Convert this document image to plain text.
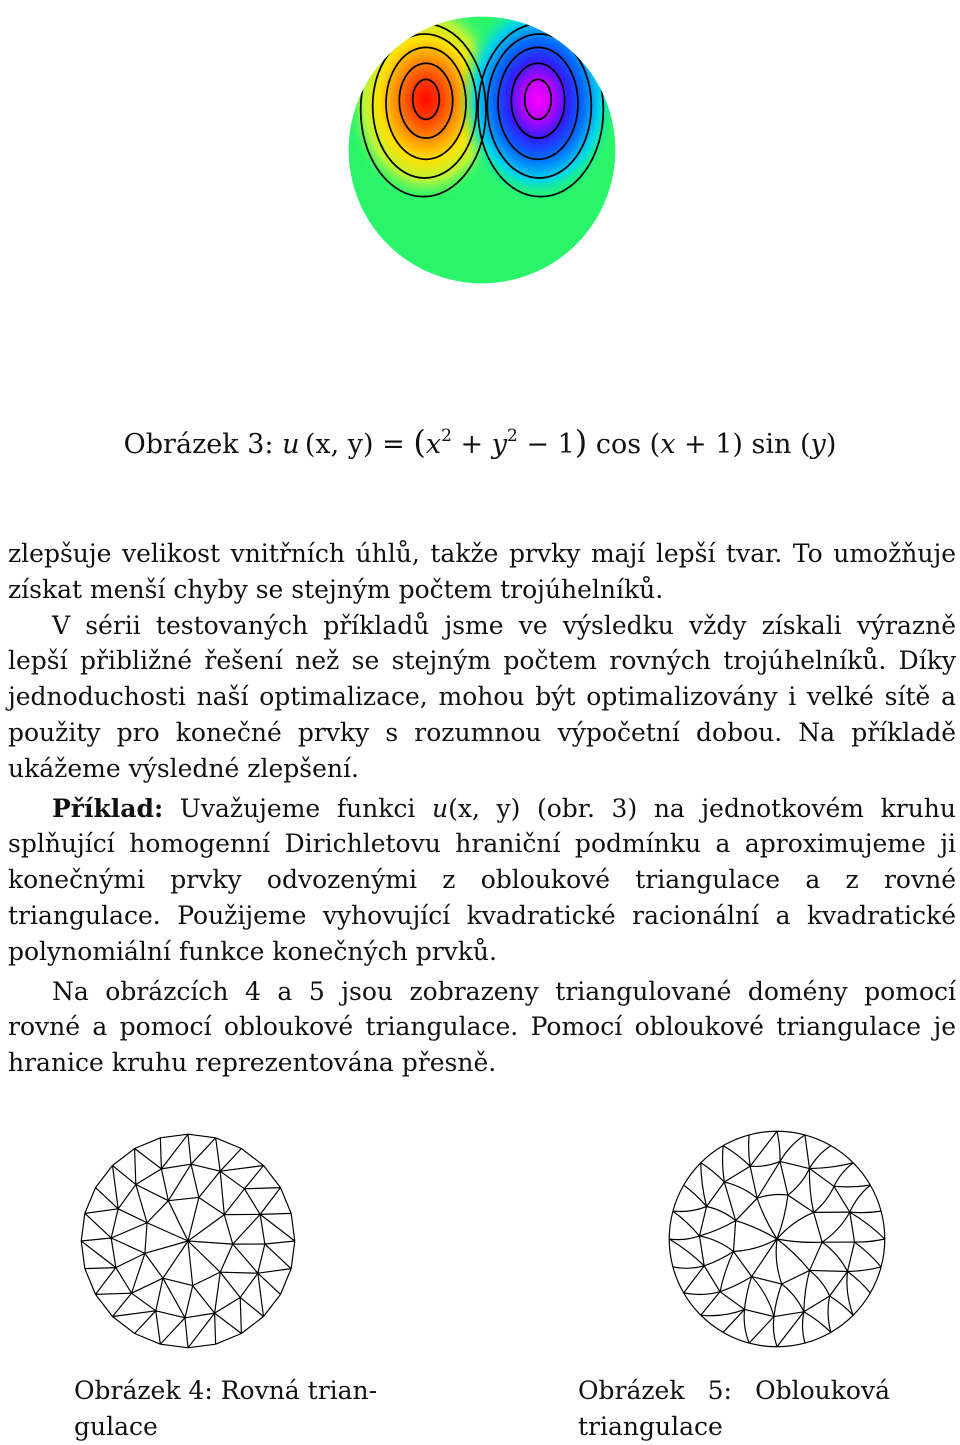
Obrázek 3: u  (x, $y) = (x^2 + y^2 - 1)$ cos (x + 1) sin (y)

zlepšuje velikost vnitřních úhlů, takže prvky mají lepší tvar. To umožňuje získat menší chyby se stejným počtem trojúhelníků.

V sérii testovaných příkladů jsme ve výsledku vždy získali výrazně lepší přibližné řešení než se stejným počtem rovných trojúhelníků. Díky jednoduchosti naší optimalizace, mohou být optimalizovány i velké sítě a použity pro konečné prvky s rozumnou výpočetní dobou. Na příkladě ukážeme výsledné zlepšení.

Příklad: Uvažujeme funkci u(x, y) (obr. 3) na jednotkovém kruhu splňující homogenní Dirichletovu hraniční podmínku a aproximujeme ji konečnými prvky odvozenými z obloukové triangulace a z rovné triangulace. Použijeme vyhovující kvadratické racionální a kvadratické polynomiální funkce konečných prvků.

Na obrázcích 4 a 5 jsou zobrazeny triangulované domény pomocí rovné a pomocí obloukové triangulace. Pomocí obloukové triangulace je hranice kruhu reprezentována přesně.

Obrázek 4: Rovná trian-
gulace
Obrázek 5: Oblouková
triangulace
